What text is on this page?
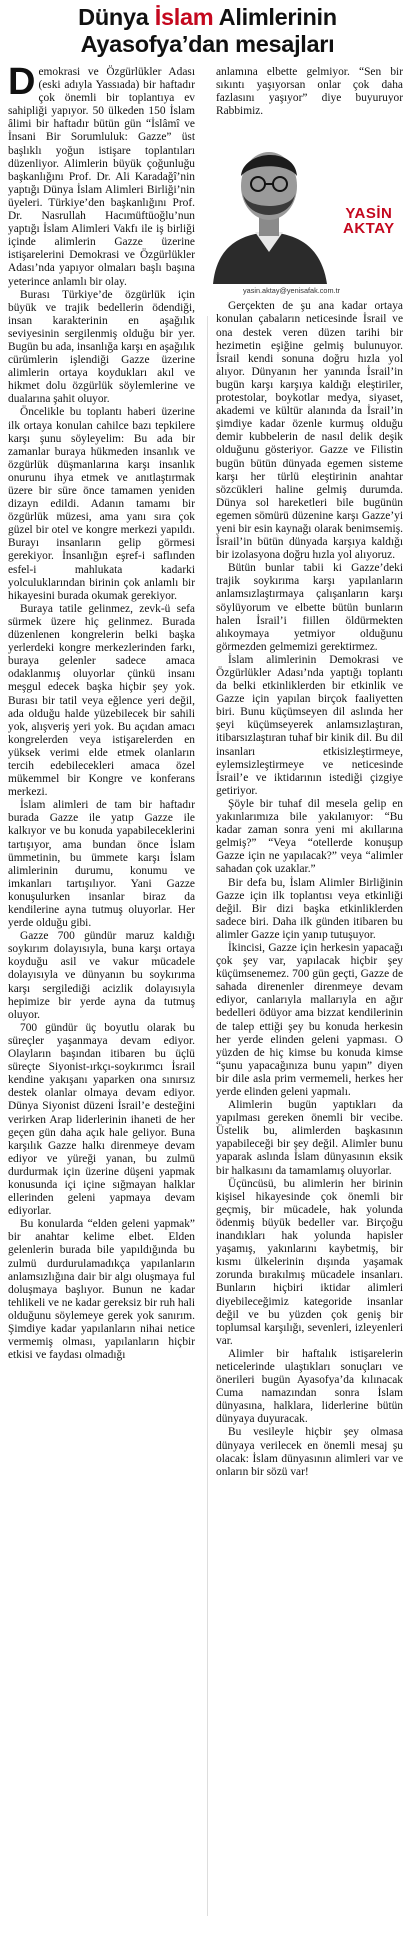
Dünya İslam Alimlerinin
Ayasofya’dan mesajları

Demokrasi ve Özgürlükler Adası (eski adıyla Yassıada) bir haftadır çok önemli bir toplantıya ev sahipliği yapıyor. 50 ülkeden 150 İslam âlimi bir haftadır bütün gün “İslâmî ve İnsani Bir Sorumluluk: Gazze” üst başlıklı yoğun istişare toplantıları düzenliyor. Alimlerin büyük çoğunluğu başkanlığını Prof. Dr. Ali Karadağî’nin yaptığı Dünya İslam Alimleri Birliği’nin üyeleri. Türkiye’den başkanlığını Prof. Dr. Nasrullah Hacımüftüoğlu’nun yaptığı İslam Alimleri Vakfı ile iş birliği içinde alimlerin Gazze üzerine istişarelerini Demokrasi ve Özgürlükler Adası’nda yapıyor olmaları başlı başına yeterince anlamlı bir olay.

Burası Türkiye’de özgürlük için büyük ve trajik bedellerin ödendiği, insan karakterinin en aşağılık seviyesinin sergilenmiş olduğu bir yer. Bugün bu ada, insanlığa karşı en aşağılık cürümlerin işlendiği Gazze üzerine alimlerin ortaya koydukları akıl ve hikmet dolu özgürlük söylemlerine ve dualarına şahit oluyor.

Öncelikle bu toplantı haberi üzerine ilk ortaya konulan cahilce bazı tepkilere karşı şunu söyleyelim: Bu ada bir zamanlar buraya hükmeden insanlık ve özgürlük düşmanlarına karşı insanlık onurunu ihya etmek ve anıtlaştırmak üzere bir süre önce tamamen yeniden dizayn edildi. Adanın tamamı bir özgürlük müzesi, ama yanı sıra çok güzel bir otel ve kongre merkezi yapıldı. Burayı insanların gelip görmesi gerekiyor. İnsanlığın eşref-i saflınden esfel-i mahlukata kadarki yolculuklarından birinin çok anlamlı bir hikayesini burada okumak gerekiyor.

Buraya tatile gelinmez, zevk-ü sefa sürmek üzere hiç gelinmez. Burada düzenlenen kongrelerin belki başka yerlerdeki kongre merkezlerinden farkı, buraya gelenler sadece amaca odaklanmış oluyorlar çünkü insanı meşgul edecek başka hiçbir şey yok. Burası bir tatil veya eğlence yeri değil, ada olduğu halde yüzebilecek bir sahili yok, alışveriş yeri yok. Bu açıdan amacı kongrelerden veya istişarelerden en yüksek verimi elde etmek olanların tercih edebilecekleri amaca özel mükemmel bir Kongre ve konferans merkezi.

İslam alimleri de tam bir haftadır burada Gazze ile yatıp Gazze ile kalkıyor ve bu konuda yapabileceklerini tartışıyor, ama bundan önce İslam ümmetinin, bu ümmete karşı İslam alimlerinin durumu, konumu ve imkanları tartışılıyor. Yani Gazze konuşulurken insanlar biraz da kendilerine ayna tutmuş oluyorlar. Her yerde olduğu gibi.

Gazze 700 gündür maruz kaldığı soykırım dolayısıyla, buna karşı ortaya koyduğu asil ve vakur mücadele dolayısıyla ve dünyanın bu soykırıma karşı sergilediği acizlik dolayısıyla hepimize bir yerde ayna da tutmuş oluyor.

700 gündür üç boyutlu olarak bu süreçler yaşanmaya devam ediyor. Olayların başından itibaren bu üçlü süreçte Siyonist-ırkçı-soykırımcı İsrail kendine yakışanı yaparken ona sınırsız destek olanlar olmaya devam ediyor. Dünya Siyonist düzeni İsrail’e desteğini verirken Arap liderlerinin ihaneti de her geçen gün daha açık hale geliyor. Buna karşılık Gazze halkı direnmeye devam ediyor ve yüreği yanan, bu zulmü durdurmak için üzerine düşeni yapmak konusunda içi içine sığmayan halklar ellerinden geleni yapmaya devam ediyorlar.

Bu konularda “elden geleni yapmak” bir anahtar kelime elbet. Elden gelenlerin burada bile yapıldığında bu zulmü durdurulamadıkça yapılanların anlamsızlığına dair bir algı oluşmaya ful doluşmaya başlıyor. Bunun ne kadar tehlikeli ve ne kadar gereksiz bir ruh hali olduğunu söylemeye gerek yok sanırım. Şimdiye kadar yapılanların nihai netice vermemiş olması, yapılanların hiçbir etkisi ve faydası olmadığı

anlamına elbette gelmiyor. “Sen bir sıkıntı yaşıyorsan onlar çok daha fazlasını yaşıyor” diye buyuruyor Rabbimiz.

Gerçekten de şu ana kadar ortaya konulan çabaların neticesinde İsrail ve ona destek veren düzen tarihi bir hezimetin eşiğine gelmiş bulunuyor. İsrail kendi sonuna doğru hızla yol alıyor. Dünyanın her yanında İsrail’in bugün karşı karşıya kaldığı eleştiriler, protestolar, boykotlar medya, siyaset, akademi ve kültür alanında da İsrail’in şimdiye kadar özenle kurmuş olduğu demir kubbelerin de nasıl delik deşik olduğunu gösteriyor. Gazze ve Filistin bugün bütün dünyada egemen sisteme karşı her türlü eleştirinin anahtar sözcükleri haline gelmiş durumda. Dünya sol hareketleri bile bugünün egemen sömürü düzenine karşı Gazze’yi yeni bir esin kaynağı olarak benimsemiş. İsrail’in bütün dünyada karşıya kaldığı bir izolasyona doğru hızla yol alıyoruz.

Bütün bunlar tabii ki Gazze’deki trajik soykırıma karşı yapılanların anlamsızlaştırmaya çalışanların karşı söylüyorum ve elbette bütün bunların halen İsrail’i fiillen öldürmekten alıkoymaya yetmiyor olduğunu görmezden gelmemizi gerektirmez.

İslam alimlerinin Demokrasi ve Özgürlükler Adası’nda yaptığı toplantı da belki etkinliklerden bir etkinlik ve Gazze için yapılan birçok faaliyetten biri. Bunu küçümseyen dil aslında her şeyi küçümseyerek anlamsızlaştıran, itibarsızlaştıran tuhaf bir kinik dil. Bu dil insanları etkisizleştirmeye, eylemsizleştirmeye ve neticesinde İsrail’e ve iktidarının istediği çizgiye getiriyor.

Şöyle bir tuhaf dil mesela gelip en yakınlarımıza bile yakılanıyor: “Bu kadar zaman sonra yeni mi akıllarına gelmiş?” “Veya “otellerde konuşup Gazze için ne yapılacak?” veya “alimler sahadan çok uzaklar.”

Bir defa bu, İslam Alimler Birliğinin Gazze için ilk toplantısı veya etkinliği değil. Bir dizi başka etkinliklerden sadece biri. Daha ilk günden itibaren bu alimler Gazze için yanıp tutuşuyor.

İkincisi, Gazze için herkesin yapacağı çok şey var, yapılacak hiçbir şey küçümsenemez. 700 gün geçti, Gazze de sahada direnenler direnmeye devam ediyor, canlarıyla mallarıyla en ağır bedelleri ödüyor ama bizzat kendilerinin de talep ettiği şey bu konuda herkesin her yerde elinden geleni yapması. O yüzden de hiç kimse bu konuda kimse “şunu yapacağınıza bunu yapın” diyen bir dile asla prim vermemeli, herkes her yerde elinden geleni yapmalı.

Alimlerin bugün yaptıkları da yapılması gereken önemli bir vecibe. Üstelik bu, alimlerden başkasının yapabileceği bir şey değil. Alimler bunu yaparak aslında İslam dünyasının eksik bir halkasını da tamamlamış oluyorlar.

Üçüncüsü, bu alimlerin her birinin kişisel hikayesinde çok önemli bir geçmiş, bir mücadele, hak yolunda ödenmiş büyük bedeller var. Birçoğu inandıkları hak yolunda hapisler yaşamış, yakınlarını kaybetmiş, bir kısmı ülkelerinin dışında yaşamak zorunda bırakılmış mücadele insanları. Bunların hiçbiri iktidar alimleri diyebileceğimiz kategoride insanlar değil ve bu yüzden çok geniş bir toplumsal karşılığı, sevenleri, izleyenleri var.

Alimler bir haftalık istişarelerin neticelerinde ulaştıkları sonuçları ve önerileri bugün Ayasofya’da kılınacak Cuma namazından sonra İslam dünyasına, halklara, liderlerine bütün dünyaya duyuracak.

Bu vesileyle hiçbir şey olmasa dünyaya verilecek en önemli mesaj şu olacak: İslam dünyasının alimleri var ve onların bir sözü var!

YASİN
AKTAY
yasin.aktay@yenisafak.com.tr
